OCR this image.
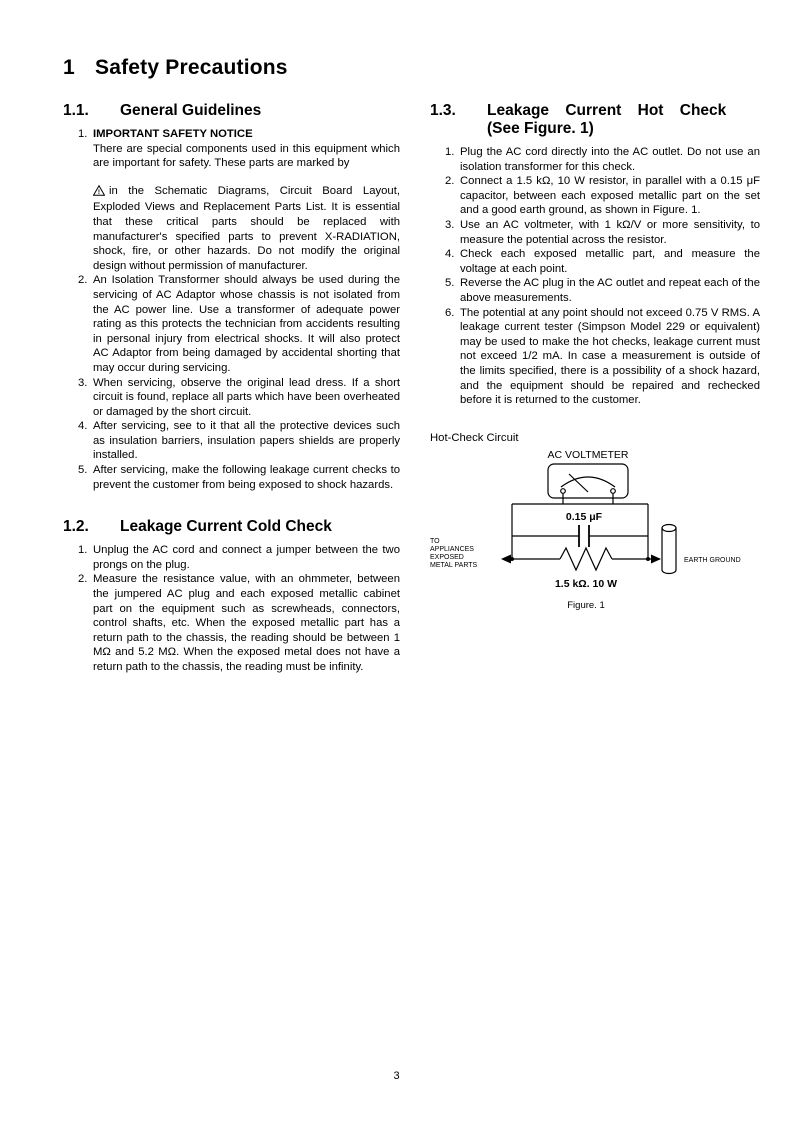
1 Safety Precautions
1.1.	General Guidelines
1. IMPORTANT SAFETY NOTICE
There are special components used in this equipment which are important for safety. These parts are marked by
! in the Schematic Diagrams, Circuit Board Layout, Exploded Views and Replacement Parts List. It is essential that these critical parts should be replaced with manufacturer's specified parts to prevent X-RADIATION, shock, fire, or other hazards. Do not modify the original design without permission of manufacturer.
2. An Isolation Transformer should always be used during the servicing of AC Adaptor whose chassis is not isolated from the AC power line. Use a transformer of adequate power rating as this protects the technician from accidents resulting in personal injury from electrical shocks. It will also protect AC Adaptor from being damaged by accidental shorting that may occur during servicing.
3. When servicing, observe the original lead dress. If a short circuit is found, replace all parts which have been overheated or damaged by the short circuit.
4. After servicing, see to it that all the protective devices such as insulation barriers, insulation papers shields are properly installed.
5. After servicing, make the following leakage current checks to prevent the customer from being exposed to shock hazards.
1.2.	Leakage Current Cold Check
1. Unplug the AC cord and connect a jumper between the two prongs on the plug.
2. Measure the resistance value, with an ohmmeter, between the jumpered AC plug and each exposed metallic cabinet part on the equipment such as screwheads, connectors, control shafts, etc. When the exposed metallic part has a return path to the chassis, the reading should be between 1 MΩ and 5.2 MΩ. When the exposed metal does not have a return path to the chassis, the reading must be infinity.
1.3.	Leakage Current Hot Check
(See Figure. 1)
1. Plug the AC cord directly into the AC outlet. Do not use an isolation transformer for this check.
2. Connect a 1.5 kΩ, 10 W resistor, in parallel with a 0.15 μF capacitor, between each exposed metallic part on the set and a good earth ground, as shown in Figure. 1.
3. Use an AC voltmeter, with 1 kΩ/V or more sensitivity, to measure the potential across the resistor.
4. Check each exposed metallic part, and measure the voltage at each point.
5. Reverse the AC plug in the AC outlet and repeat each of the above measurements.
6. The potential at any point should not exceed 0.75 V RMS. A leakage current tester (Simpson Model 229 or equivalent) may be used to make the hot checks, leakage current must not exceed 1/2 mA. In case a measurement is outside of the limits specified, there is a possibility of a shock hazard, and the equipment should be repaired and rechecked before it is returned to the customer.
Hot-Check Circuit
AC VOLTMETER
0.15 μF
1.5 kΩ. 10 W
EARTH GROUND
TO
APPLIANCES
EXPOSED
METAL PARTS
Figure. 1
3
